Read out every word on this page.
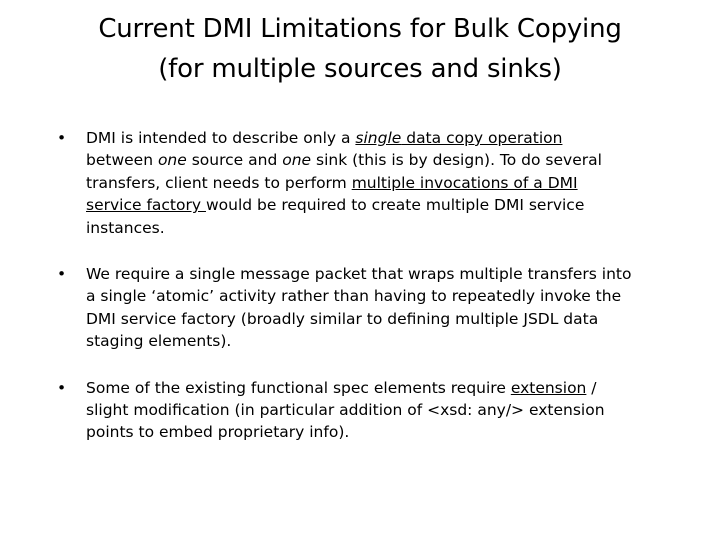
Current DMI Limitations for Bulk Copying
(for multiple sources and sinks)
• DMI is intended to describe only a single data copy operation
between one source and one sink (this is by design). To do several
transfers, client needs to perform multiple invocations of a DMI
service factory would be required to create multiple DMI service
instances.
• We require a single message packet that wraps multiple transfers into
a single ‘atomic’ activity rather than having to repeatedly invoke the
DMI service factory (broadly similar to defining multiple JSDL data
staging elements).
• Some of the existing functional spec elements require extension /
slight modification (in particular addition of <xsd: any/> extension
points to embed proprietary info).
